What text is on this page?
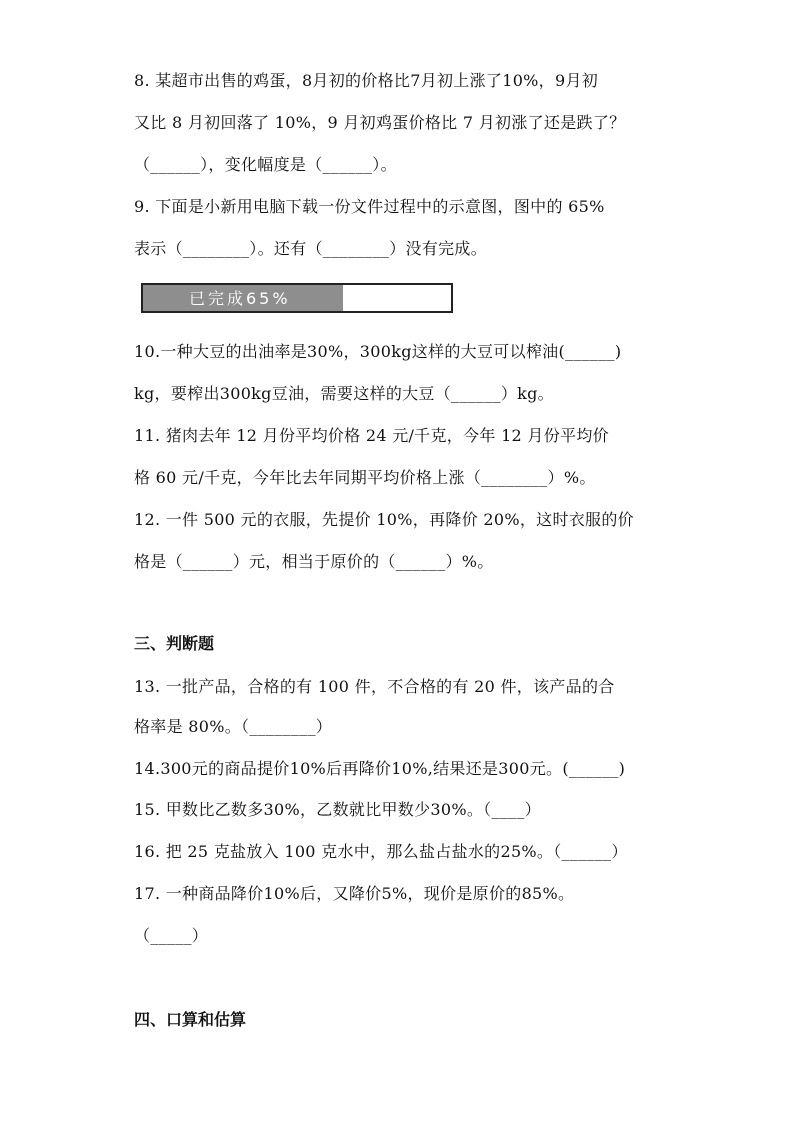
8. 某超市出售的鸡蛋，8月初的价格比7月初上涨了10%，9月初
又比 8 月初回落了 10%，9 月初鸡蛋价格比 7 月初涨了还是跌了？
（______），变化幅度是（______）。
9. 下面是小新用电脑下载一份文件过程中的示意图，图中的 65%
表示（________）。还有（________）没有完成。
已完成65%
10.一种大豆的出油率是30%，300kg这样的大豆可以榨油(______)
kg，要榨出300kg豆油，需要这样的大豆（______）kg。
11. 猪肉去年 12 月份平均价格 24 元/千克，今年 12 月份平均价
格 60 元/千克，今年比去年同期平均价格上涨（________）%。
12. 一件 500 元的衣服，先提价 10%，再降价 20%，这时衣服的价
格是（______）元，相当于原价的（______）%。
三、判断题
13. 一批产品，合格的有 100 件，不合格的有 20 件，该产品的合
格率是 80%。（________）
14.300元的商品提价10%后再降价10%,结果还是300元。(______)
15. 甲数比乙数多30%，乙数就比甲数少30%。（____）
16. 把 25 克盐放入 100 克水中，那么盐占盐水的25%。（______）
17. 一种商品降价10%后，又降价5%，现价是原价的85%。
（_____）
四、口算和估算
